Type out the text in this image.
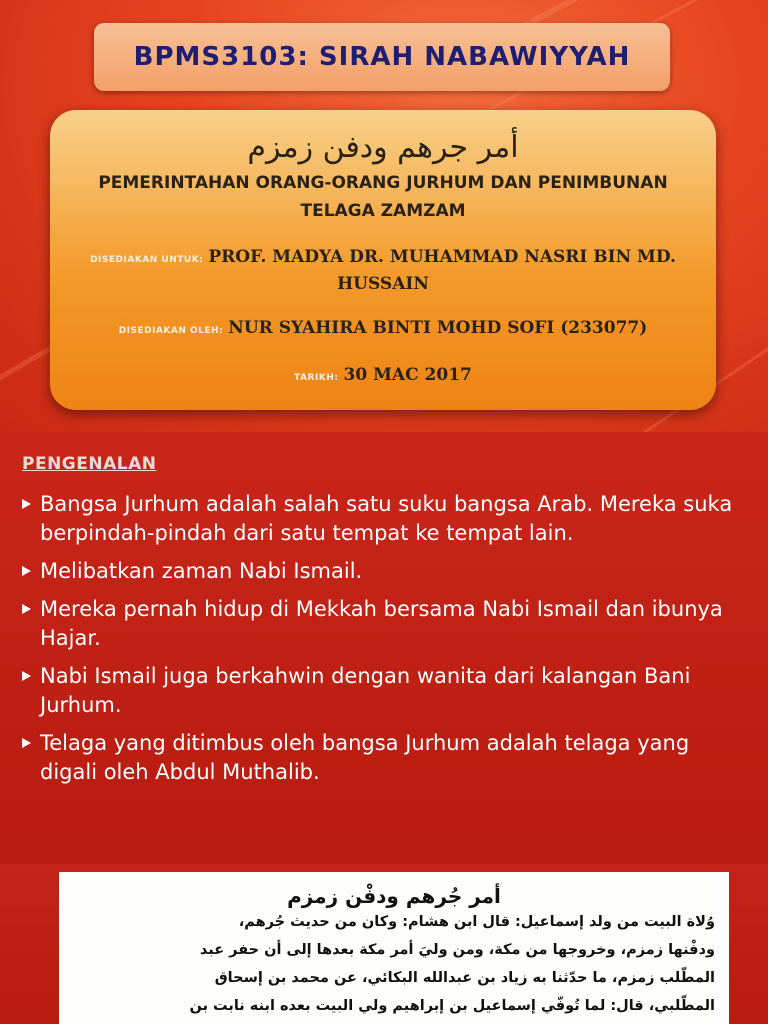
BPMS3103: SIRAH NABAWIYYAH
أمر جرهم ودفن زمزم
PEMERINTAHAN ORANG-ORANG JURHUM DAN PENIMBUNAN TELAGA ZAMZAM
DISEDIAKAN UNTUK: PROF. MADYA DR. MUHAMMAD NASRI BIN MD. HUSSAIN
DISEDIAKAN OLEH: NUR SYAHIRA BINTI MOHD SOFI (233077)
TARIKH: 30 MAC 2017
PENGENALAN
Bangsa Jurhum adalah salah satu suku bangsa Arab. Mereka suka berpindah-pindah dari satu tempat ke tempat lain.
Melibatkan zaman Nabi Ismail.
Mereka pernah hidup di Mekkah bersama Nabi Ismail dan ibunya Hajar.
Nabi Ismail juga berkahwin dengan wanita dari kalangan Bani Jurhum.
Telaga yang ditimbus oleh bangsa Jurhum adalah telaga yang digali oleh Abdul Muthalib.
أمر جُرهم ودفْن زمزم
وُلاة البيت من ولد إسماعيل: قال ابن هشام: وكان من حديث جُرهم،
ودفْنها زمزم، وخروجها من مكة، ومن وليَ أمر مكة بعدها إلى أن حفر عبد
المطّلب زمزم، ما حدّثنا به زياد بن عبدالله البكائي، عن محمد بن إسحاق
المطّلبي، قال: لما تُوفّي إسماعيل بن إبراهيم ولي البيت بعده ابنه نابت بن
